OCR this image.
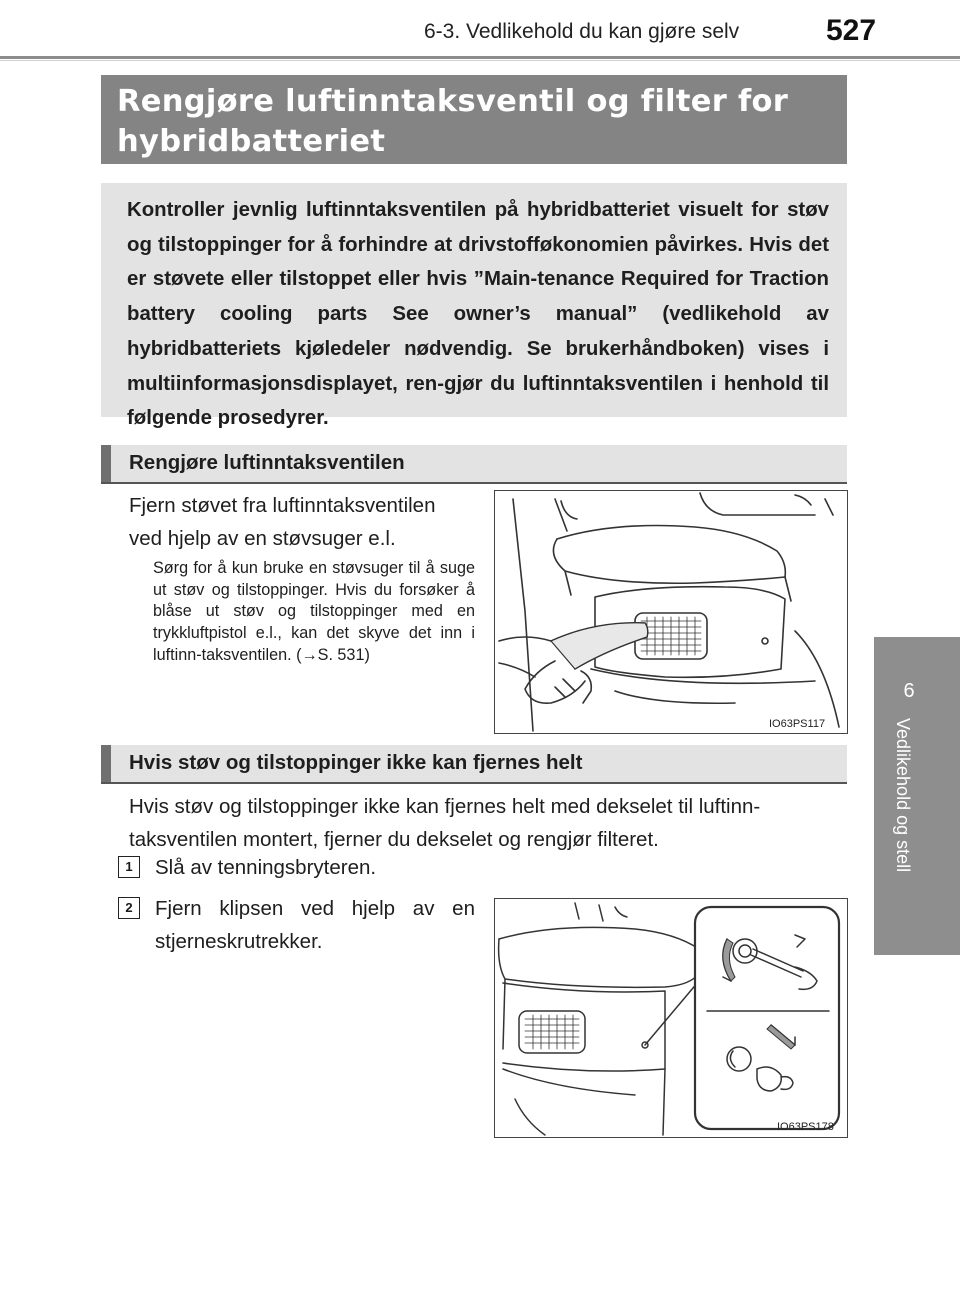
6-3. Vedlikehold du kan gjøre selv	527
6
Vedlikehold og stell
Rengjøre luftinntaksventil og filter for
hybridbatteriet
Kontroller jevnlig luftinntaksventilen på hybridbatteriet visuelt for støv og tilstoppinger for å forhindre at drivstofføkonomien påvirkes. Hvis det er støvete eller tilstoppet eller hvis ”Main-tenance Required for Traction battery cooling parts See owner’s manual” (vedlikehold av hybridbatteriets kjøledeler nødvendig. Se brukerhåndboken) vises i multiinformasjonsdisplayet, ren-gjør du luftinntaksventilen i henhold til følgende prosedyrer.
Rengjøre luftinntaksventilen
Fjern støvet fra luftinntaksventilen
ved hjelp av en støvsuger e.l.
Sørg for å kun bruke en støvsuger til å suge ut støv og tilstoppinger. Hvis du forsøker å blåse ut støv og tilstoppinger med en trykkluftpistol e.l., kan det skyve det inn i luftinn-taksventilen. (→S. 531)
IO63PS117
Hvis støv og tilstoppinger ikke kan fjernes helt
Hvis støv og tilstoppinger ikke kan fjernes helt med dekselet til luftinn-
taksventilen montert, fjerner du dekselet og rengjør filteret.
1	Slå av tenningsbryteren.
2	Fjern klipsen ved hjelp av en
stjerneskrutrekker.
IO63PS178
